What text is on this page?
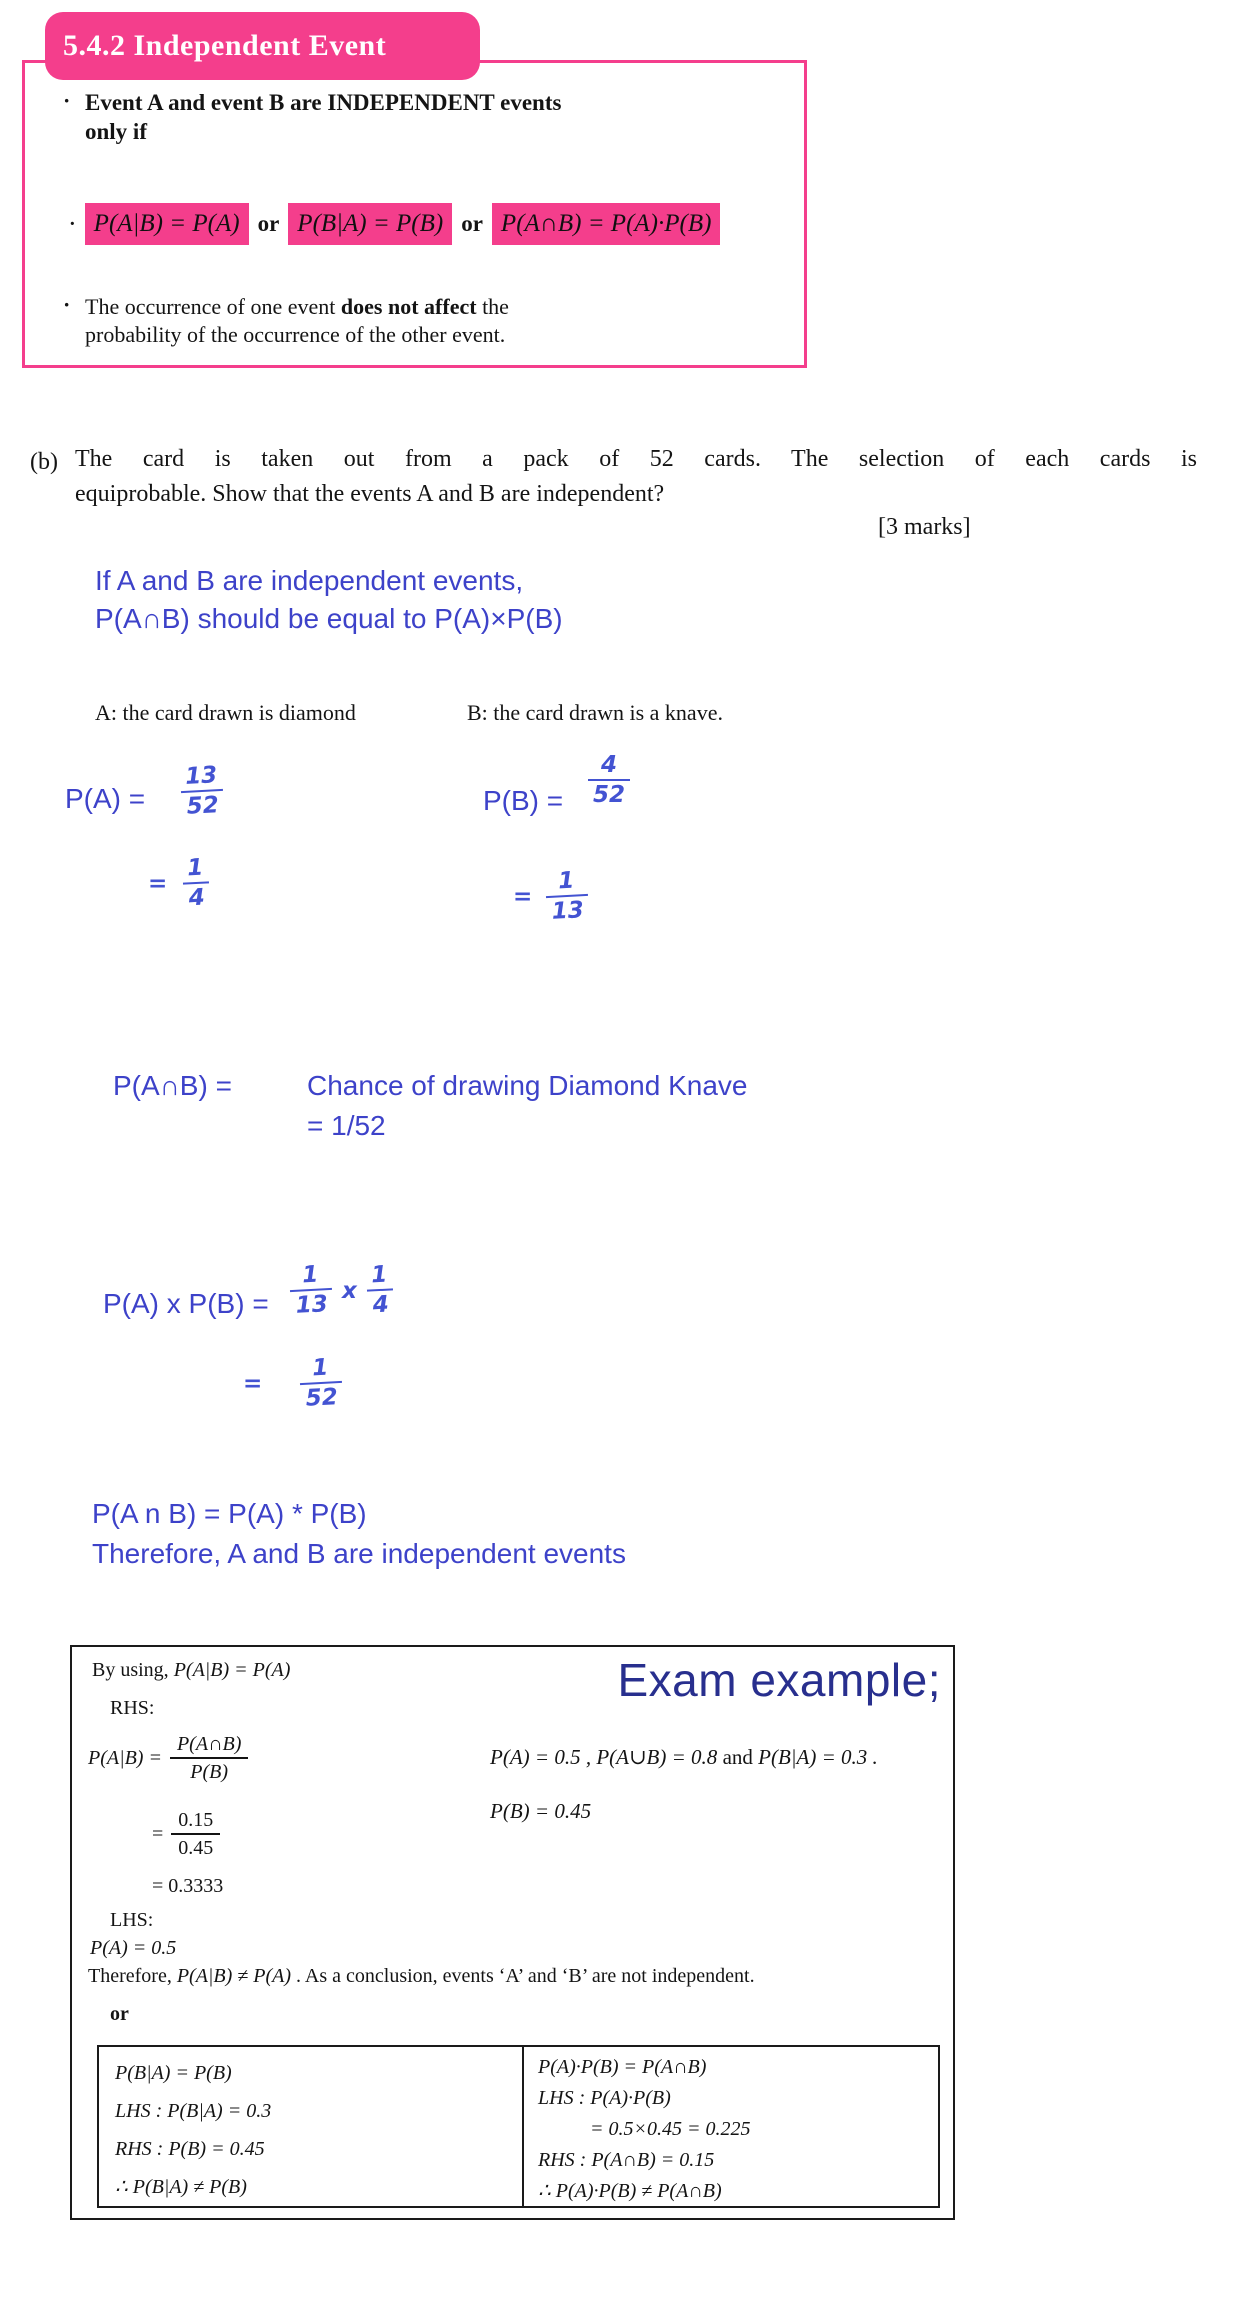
· Event A and event B are INDEPENDENT events
only if
· P(A|B) = P(A) or P(B|A) = P(B) or P(A∩B) = P(A)·P(B)
· The occurrence of one event does not affect the
probability of the occurrence of the other event.
5.4.2 Independent Event
(b) The card is taken out from a pack of 52 cards. The selection of each cards is
equiprobable. Show that the events A and B are independent?
[3 marks]
If A and B are independent events,
P(A∩B) should be equal to P(A)×P(B)
A: the card drawn is diamond	B: the card drawn is a knave.
$P(A) = \frac{13}{52}$
= $\frac{1}{4}$
$P(B) = \frac{4}{52}$
= $\frac{1}{13}$
P(A∩B) =	Chance of drawing Diamond Knave
= 1/52
P(A) x $P(B) = \frac{1}{13}$ x $\frac{1}{4}$
= $\frac{1}{52}$
P(A n B) = P(A) * P(B)
Therefore, A and B are independent events
Exam example;
By using, P(A|B) = P(A)
RHS:
$P(A|B) = \frac{P(A\cap B)}{P(B)}$
= $\frac{0.15}{0.45}$
= 0.3333
LHS:
P(A) = 0.5
P(A) = 0.5 , P(A∪B) = 0.8 and P(B|A) = 0.3 .
P(B) = 0.45
Therefore, P(A|B) ≠ P(A) . As a conclusion, events ‘A’ and ‘B’ are not independent.
or
P(B|A) = P(B)
LHS : P(B|A) = 0.3
RHS : P(B) = 0.45
∴ P(B|A) ≠ P(B)
P(A)·P(B) = P(A∩B)
LHS : P(A)·P(B)
= 0.5×0.45 = 0.225
RHS : P(A∩B) = 0.15
∴ P(A)·P(B) ≠ P(A∩B)
